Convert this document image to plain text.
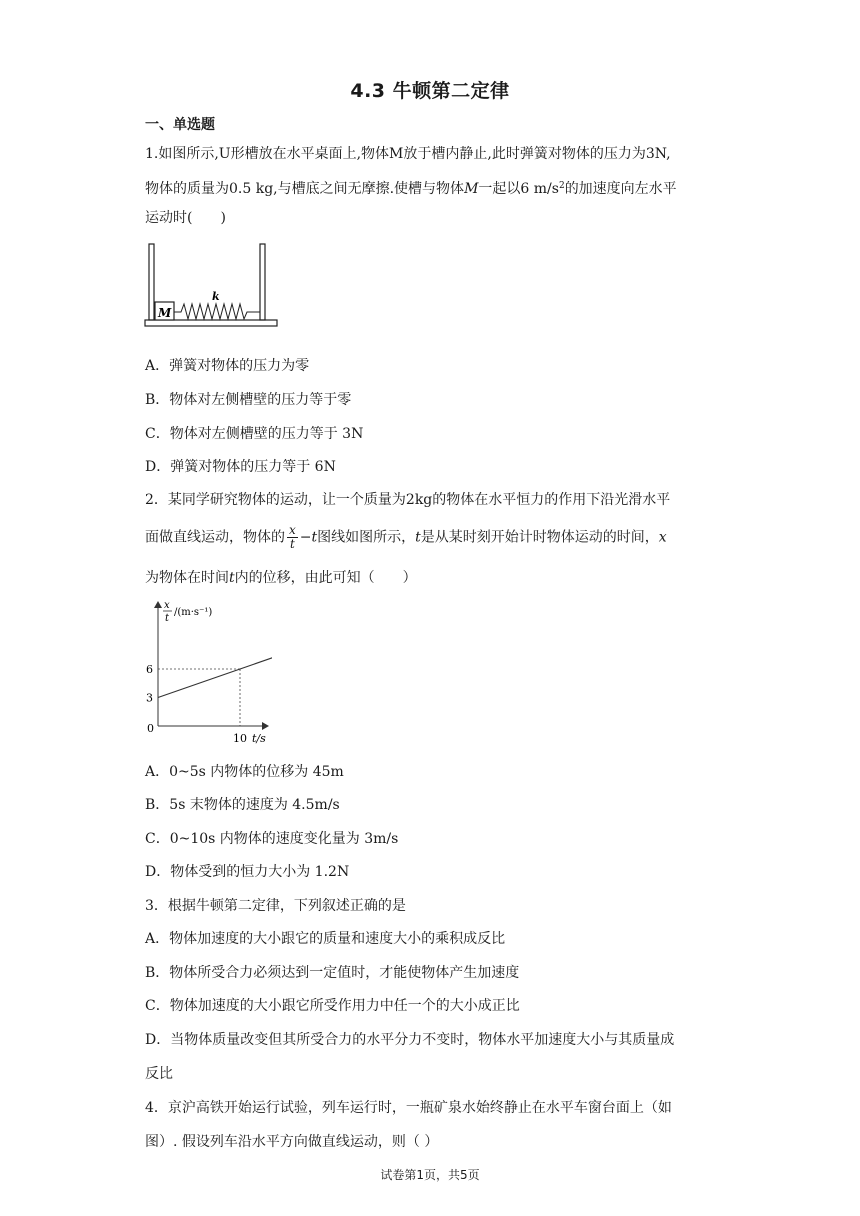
4.3 牛顿第二定律
一、单选题
1.如图所示,U形槽放在水平桌面上,物体M放于槽内静止,此时弹簧对物体的压力为3N,
物体的质量为0.5 kg,与槽底之间无摩擦.使槽与物体M一起以6 $m/s^2$的加速度向左水平
运动时(　　)
M
k
A．弹簧对物体的压力为零
B．物体对左侧槽壁的压力等于零
C．物体对左侧槽壁的压力等于 3N
D．弹簧对物体的压力等于 6N
2．某同学研究物体的运动，让一个质量为2kg的物体在水平恒力的作用下沿光滑水平
面做直线运动，物体的 $\frac{x}{t} -t$图线如图所示，t是从某时刻开始计时物体运动的时间，x
为物体在时间t内的位移，由此可知（　　）
x
t
/(m·s⁻¹)
t/s
0
3
6
10
A．0~5s 内物体的位移为 45m
B．5s 末物体的速度为 4.5m/s
C．0~10s 内物体的速度变化量为 3m/s
D．物体受到的恒力大小为 1.2N
3．根据牛顿第二定律，下列叙述正确的是
A．物体加速度的大小跟它的质量和速度大小的乘积成反比
B．物体所受合力必须达到一定值时，才能使物体产生加速度
C．物体加速度的大小跟它所受作用力中任一个的大小成正比
D．当物体质量改变但其所受合力的水平分力不变时，物体水平加速度大小与其质量成
反比
4．京沪高铁开始运行试验，列车运行时，一瓶矿泉水始终静止在水平车窗台面上（如
图）. 假设列车沿水平方向做直线运动，则（ ）
试卷第1页，共5页
